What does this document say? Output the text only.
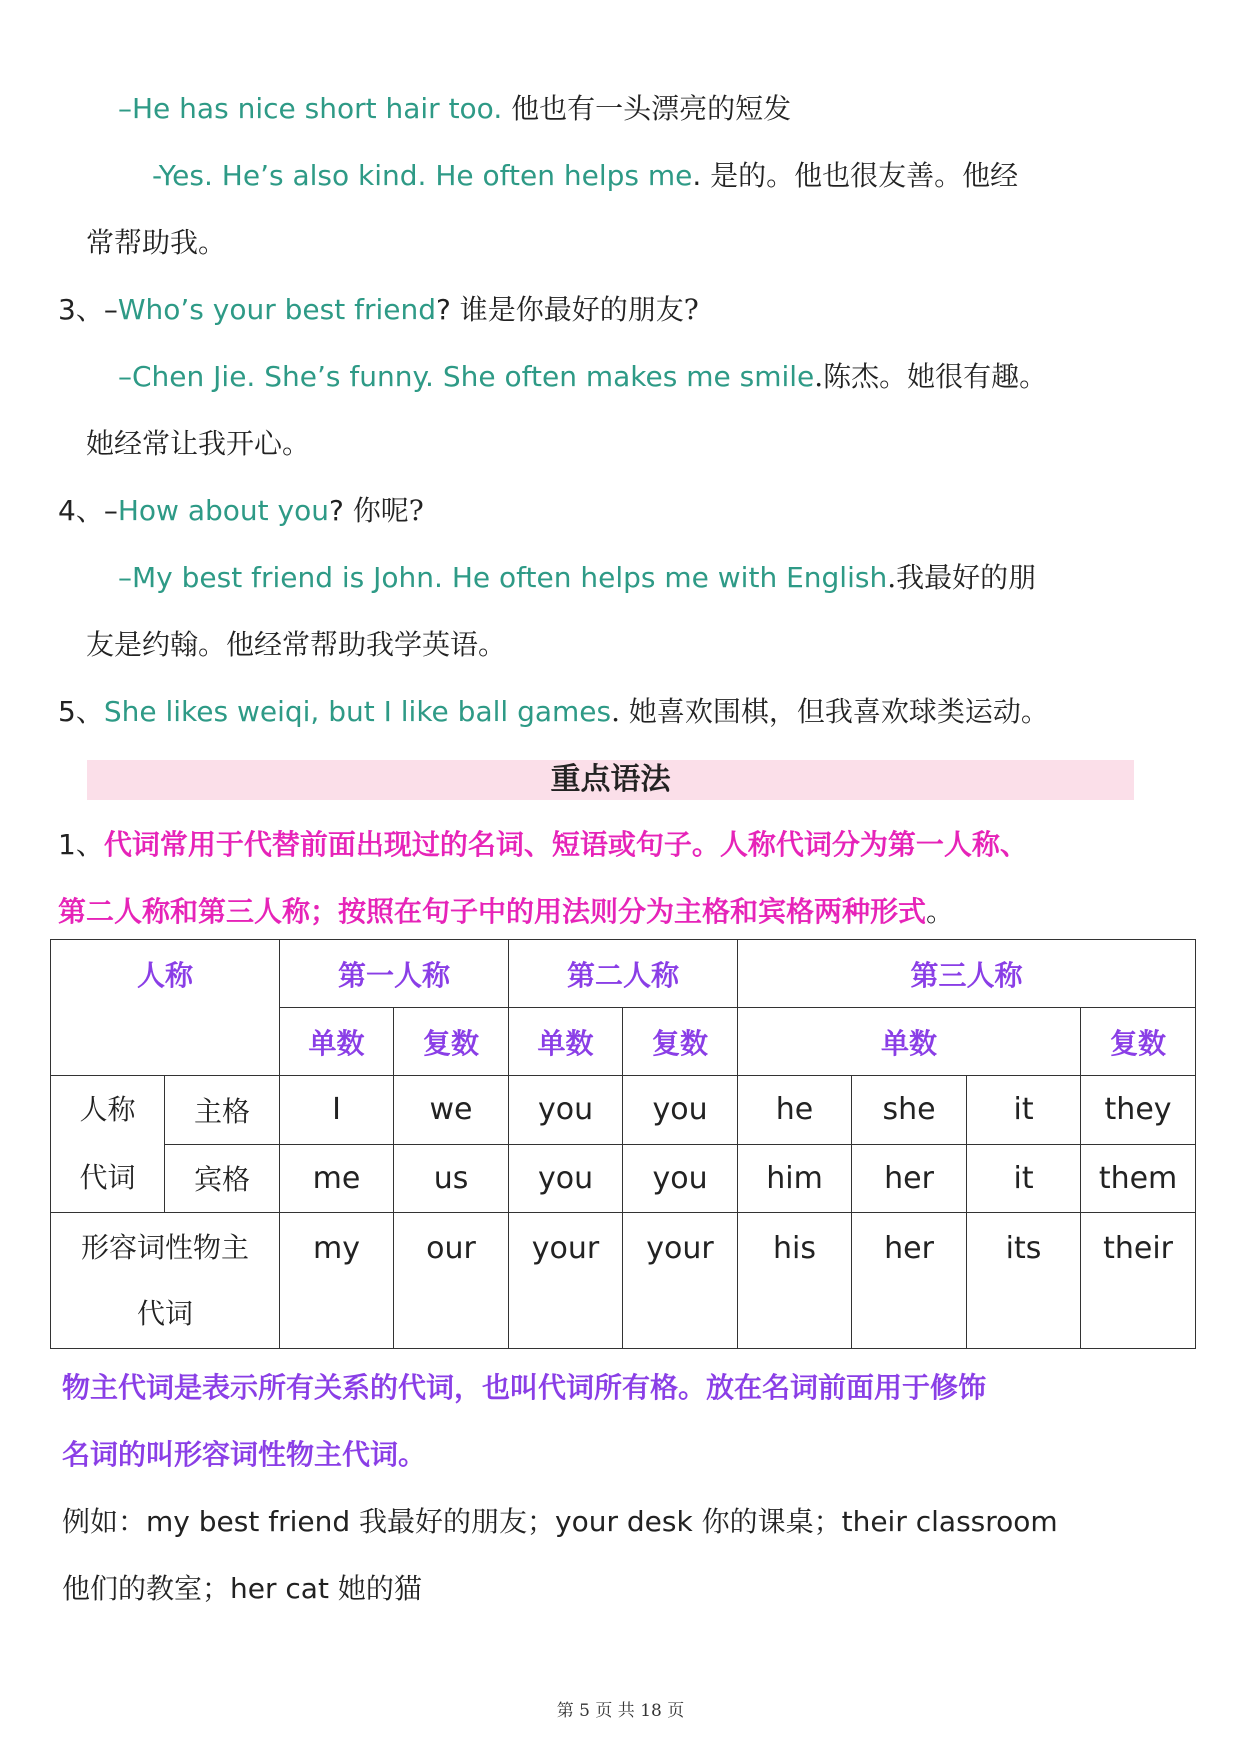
–He has nice short hair too. 他也有一头漂亮的短发
-Yes. He’s also kind. He often helps me. 是的。他也很友善。他经
常帮助我。
3、–Who’s your best friend? 谁是你最好的朋友?
–Chen Jie. She’s funny. She often makes me smile.陈杰。她很有趣。
她经常让我开心。
4、–How about you? 你呢?
–My best friend is John. He often helps me with English.我最好的朋
友是约翰。他经常帮助我学英语。
5、She likes weiqi, but I like ball games. 她喜欢围棋，但我喜欢球类运动。
重点语法
1、代词常用于代替前面出现过的名词、短语或句子。人称代词分为第一人称、
第二人称和第三人称；按照在句子中的用法则分为主格和宾格两种形式。
人称		第一人称		第二人称		第三人称			
		单数	复数	单数	复数	单数			复数
人称
代词	主格	I	we	you	you	he	she	it	they
	宾格	me	us	you	you	him	her	it	them
形容词性物主
代词		my	our	your	your	his	her	its	their
物主代词是表示所有关系的代词，也叫代词所有格。放在名词前面用于修饰
名词的叫形容词性物主代词。
例如：my best friend 我最好的朋友；your desk 你的课桌；their classroom
他们的教室；her cat 她的猫
第 5 页 共 18 页
